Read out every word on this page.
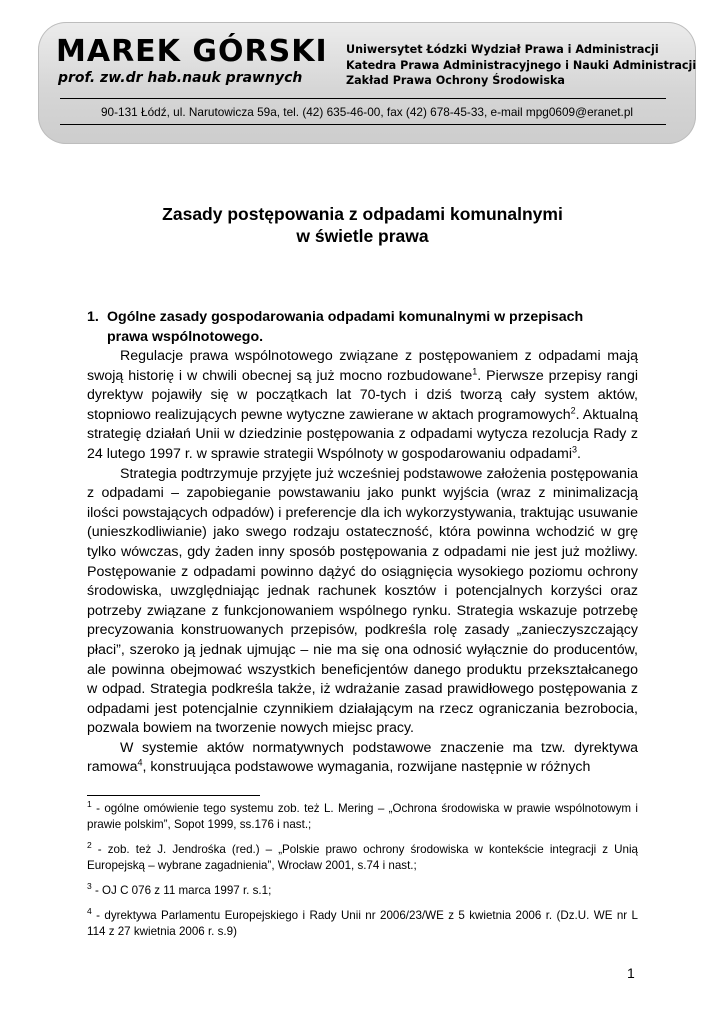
MAREK GÓRSKI
prof. zw.dr hab.nauk prawnych
Uniwersytet Łódzki Wydział Prawa i Administracji
Katedra Prawa Administracyjnego i Nauki Administracji
Zakład Prawa Ochrony Środowiska
90-131 Łódź, ul. Narutowicza 59a, tel. (42) 635-46-00, fax (42) 678-45-33, e-mail mpg0609@eranet.pl
Zasady postępowania z odpadami komunalnymi
w świetle prawa
1. Ogólne zasady gospodarowania odpadami komunalnymi w przepisach
prawa wspólnotowego.

Regulacje prawa wspólnotowego związane z postępowaniem z odpadami mają swoją historię i w chwili obecnej są już mocno rozbudowane$^1$. Pierwsze przepisy rangi dyrektyw pojawiły się w początkach lat 70-tych i dziś tworzą cały system aktów, stopniowo realizujących pewne wytyczne zawierane w aktach programowych$^2$. Aktualną strategię działań Unii w dziedzinie postępowania z odpadami wytycza rezolucja Rady z 24 lutego 1997 r. w sprawie strategii Wspólnoty w gospodarowaniu odpadami$^3$.

Strategia podtrzymuje przyjęte już wcześniej podstawowe założenia postępowania z odpadami – zapobieganie powstawaniu jako punkt wyjścia (wraz z minimalizacją ilości powstających odpadów) i preferencje dla ich wykorzystywania, traktując usuwanie (unieszkodliwianie) jako swego rodzaju ostateczność, która powinna wchodzić w grę tylko wówczas, gdy żaden inny sposób postępowania z odpadami nie jest już możliwy. Postępowanie z odpadami powinno dążyć do osiągnięcia wysokiego poziomu ochrony środowiska, uwzględniając jednak rachunek kosztów i potencjalnych korzyści oraz potrzeby związane z funkcjonowaniem wspólnego rynku. Strategia wskazuje potrzebę precyzowania konstruowanych przepisów, podkreśla rolę zasady „zanieczyszczający płaci”, szeroko ją jednak ujmując – nie ma się ona odnosić wyłącznie do producentów, ale powinna obejmować wszystkich beneficjentów danego produktu przekształcanego w odpad. Strategia podkreśla także, iż wdrażanie zasad prawidłowego postępowania z odpadami jest potencjalnie czynnikiem działającym na rzecz ograniczania bezrobocia, pozwala bowiem na tworzenie nowych miejsc pracy.

W systemie aktów normatywnych podstawowe znaczenie ma tzw. dyrektywa ramowa$^4$, konstruująca podstawowe wymagania, rozwijane następnie w różnych

$^1$ - ogólne omówienie tego systemu zob. też L. Mering – „Ochrona środowiska w prawie wspólnotowym i prawie polskim”, Sopot 1999, ss.176 i nast.;

$^2$ - zob. też J. Jendrośka (red.) – „Polskie prawo ochrony środowiska w kontekście integracji z Unią Europejską – wybrane zagadnienia”, Wrocław 2001, s.74 i nast.;

$^3$ - OJ C 076 z 11 marca 1997 r. s.1;

$^4$ - dyrektywa Parlamentu Europejskiego i Rady Unii nr 2006/23/WE z 5 kwietnia 2006 r. (Dz.U. WE nr L 114 z 27 kwietnia 2006 r. s.9)

1
